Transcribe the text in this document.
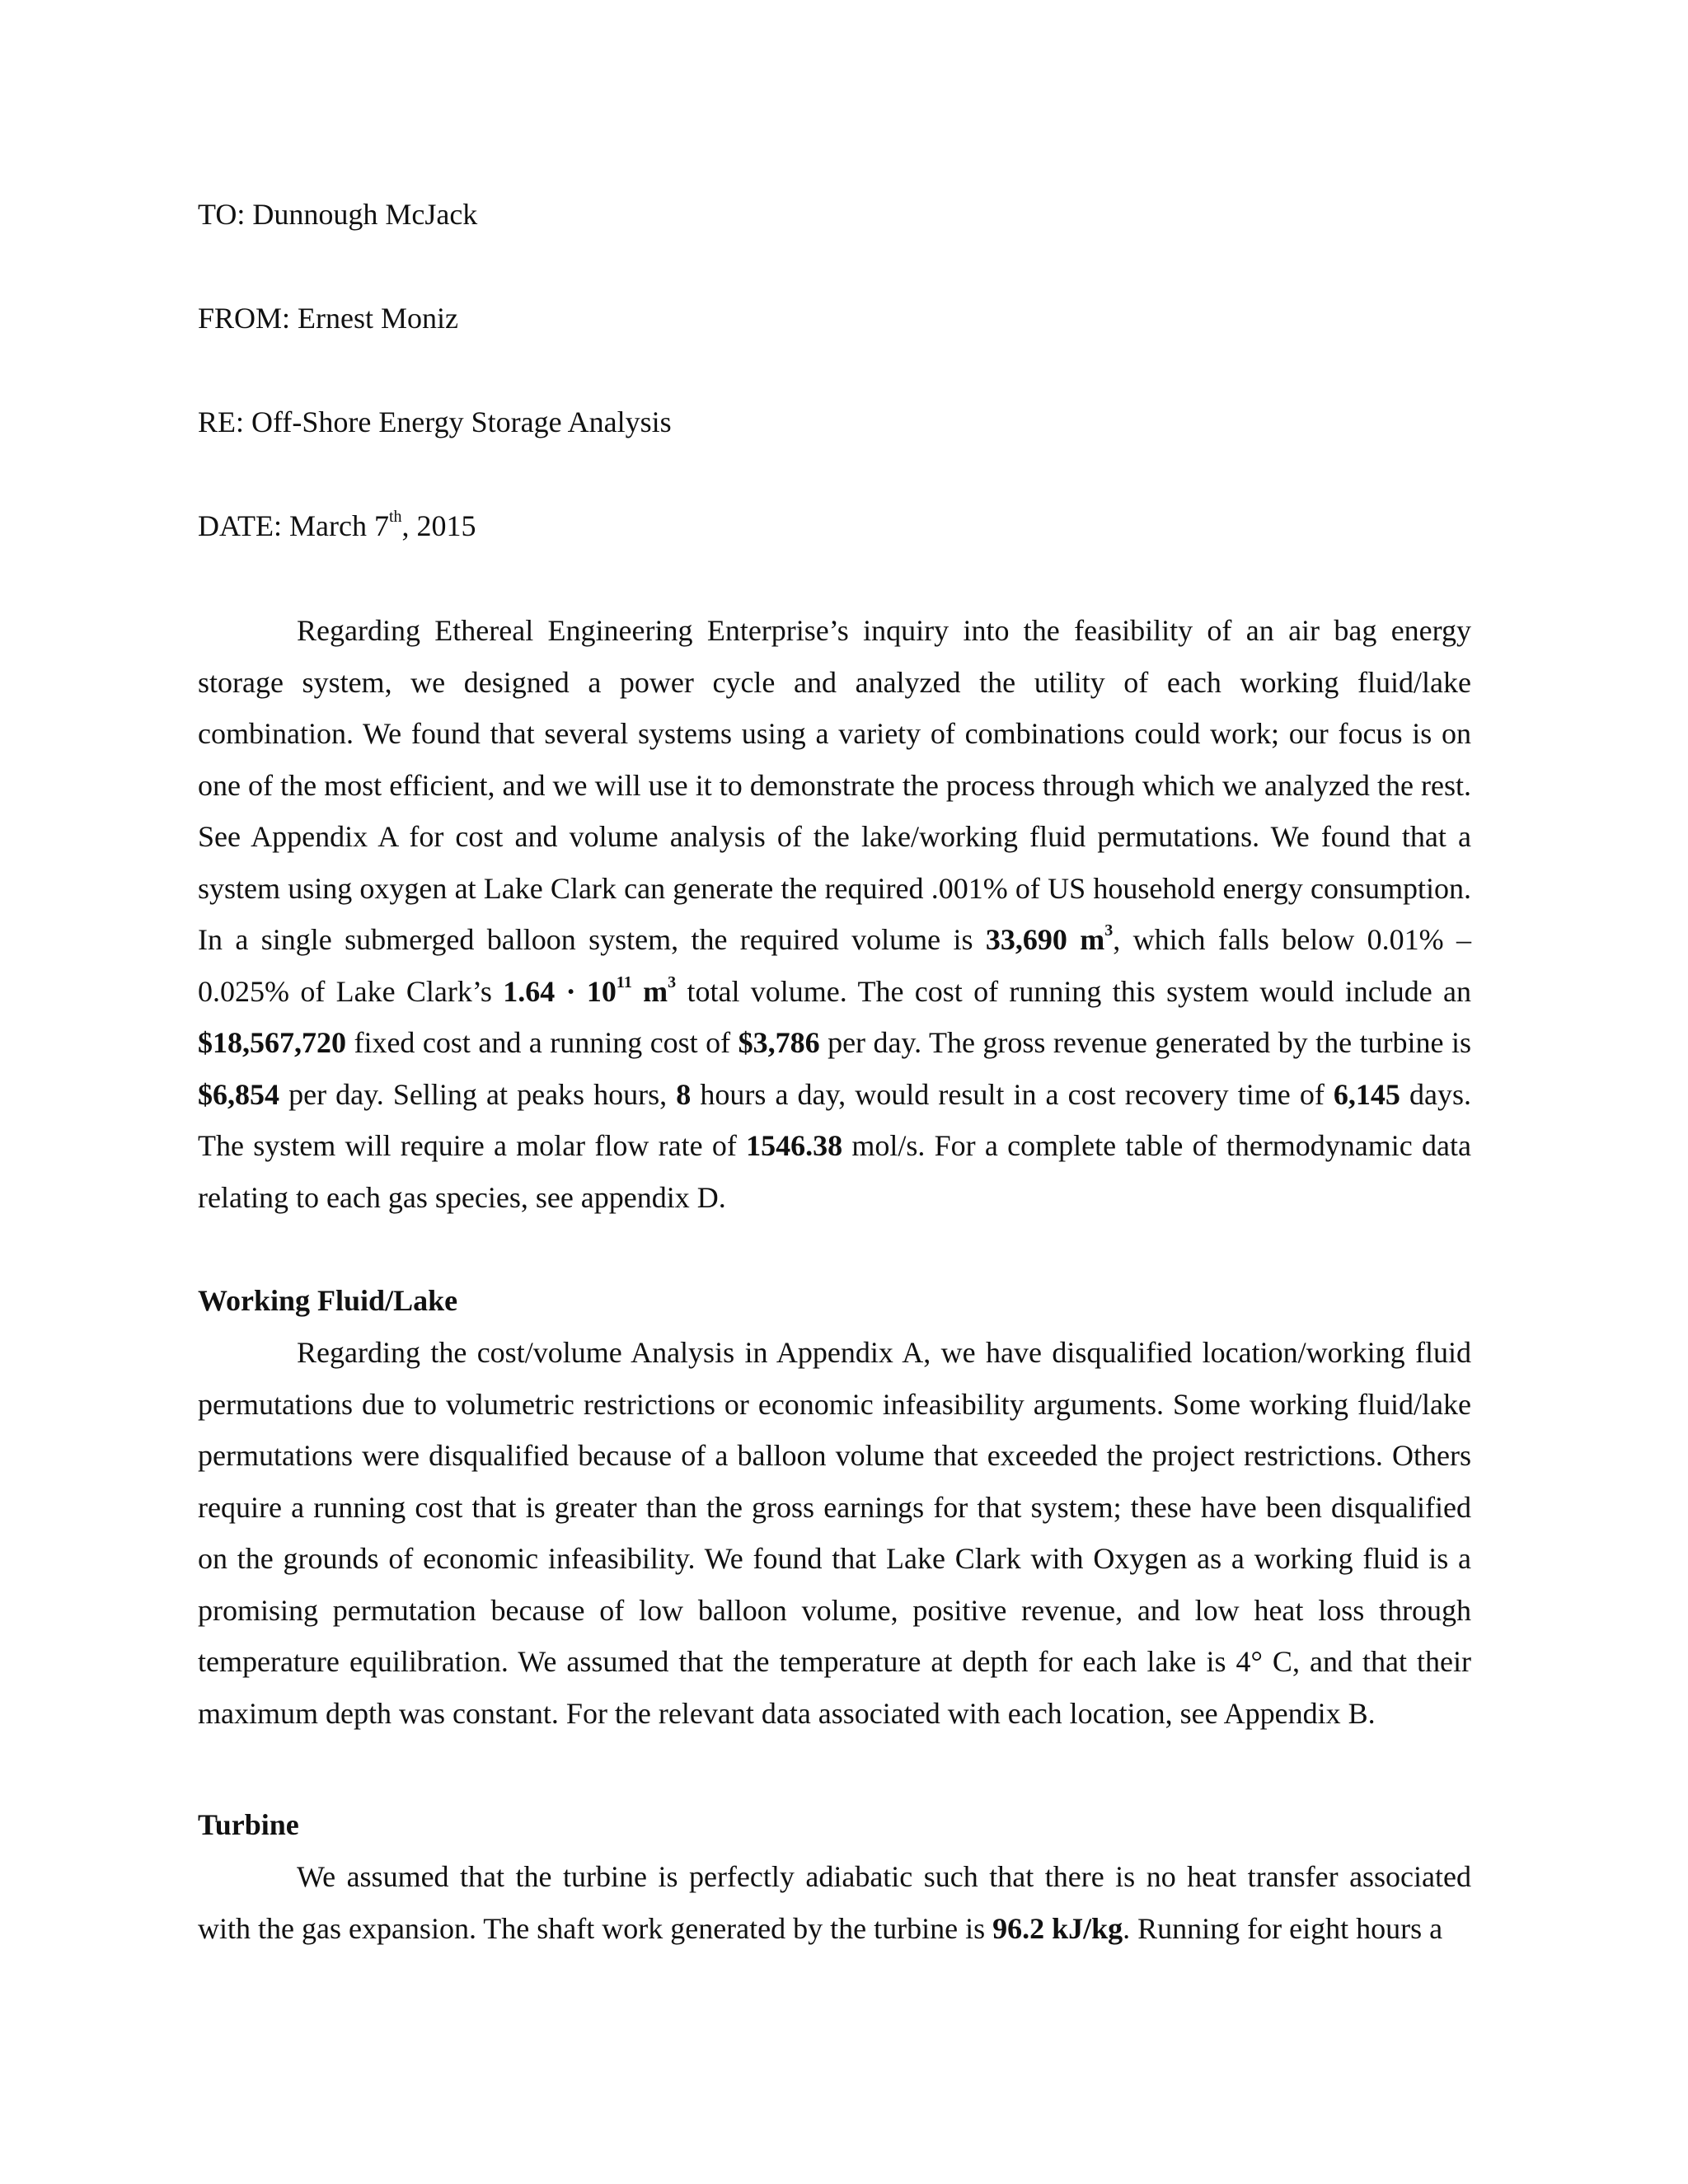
TO: Dunnough McJack
FROM: Ernest Moniz
RE: Off-Shore Energy Storage Analysis
DATE: March 7th, 2015

Regarding Ethereal Engineering Enterprise’s inquiry into the feasibility of an air bag energy storage system, we designed a power cycle and analyzed the utility of each working fluid/lake combination. We found that several systems using a variety of combinations could work; our focus is on one of the most efficient, and we will use it to demonstrate the process through which we analyzed the rest. See Appendix A for cost and volume analysis of the lake/working fluid permutations. We found that a system using oxygen at Lake Clark can generate the required .001% of US household energy consumption. In a single submerged balloon system, the required volume is 33,690 $m^3$, which falls below 0.01% – 0.025% of Lake Clark’s $1.64 \cdot 10^{11}$ $m^3$ total volume. The cost of running this system would include an $18,567,720 fixed cost and a running cost of $3,786 per day. The gross revenue generated by the turbine is $6,854 per day. Selling at peaks hours, 8 hours a day, would result in a cost recovery time of 6,145 days. The system will require a molar flow rate of 1546.38 mol/s. For a complete table of thermodynamic data relating to each gas species, see appendix D.

Working Fluid/Lake

Regarding the cost/volume Analysis in Appendix A, we have disqualified location/working fluid permutations due to volumetric restrictions or economic infeasibility arguments. Some working fluid/lake permutations were disqualified because of a balloon volume that exceeded the project restrictions. Others require a running cost that is greater than the gross earnings for that system; these have been disqualified on the grounds of economic infeasibility. We found that Lake Clark with Oxygen as a working fluid is a promising permutation because of low balloon volume, positive revenue, and low heat loss through temperature equilibration. We assumed that the temperature at depth for each lake is 4° C, and that their maximum depth was constant. For the relevant data associated with each location, see Appendix B.

Turbine

We assumed that the turbine is perfectly adiabatic such that there is no heat transfer associated with the gas expansion. The shaft work generated by the turbine is 96.2 kJ/kg. Running for eight hours a
